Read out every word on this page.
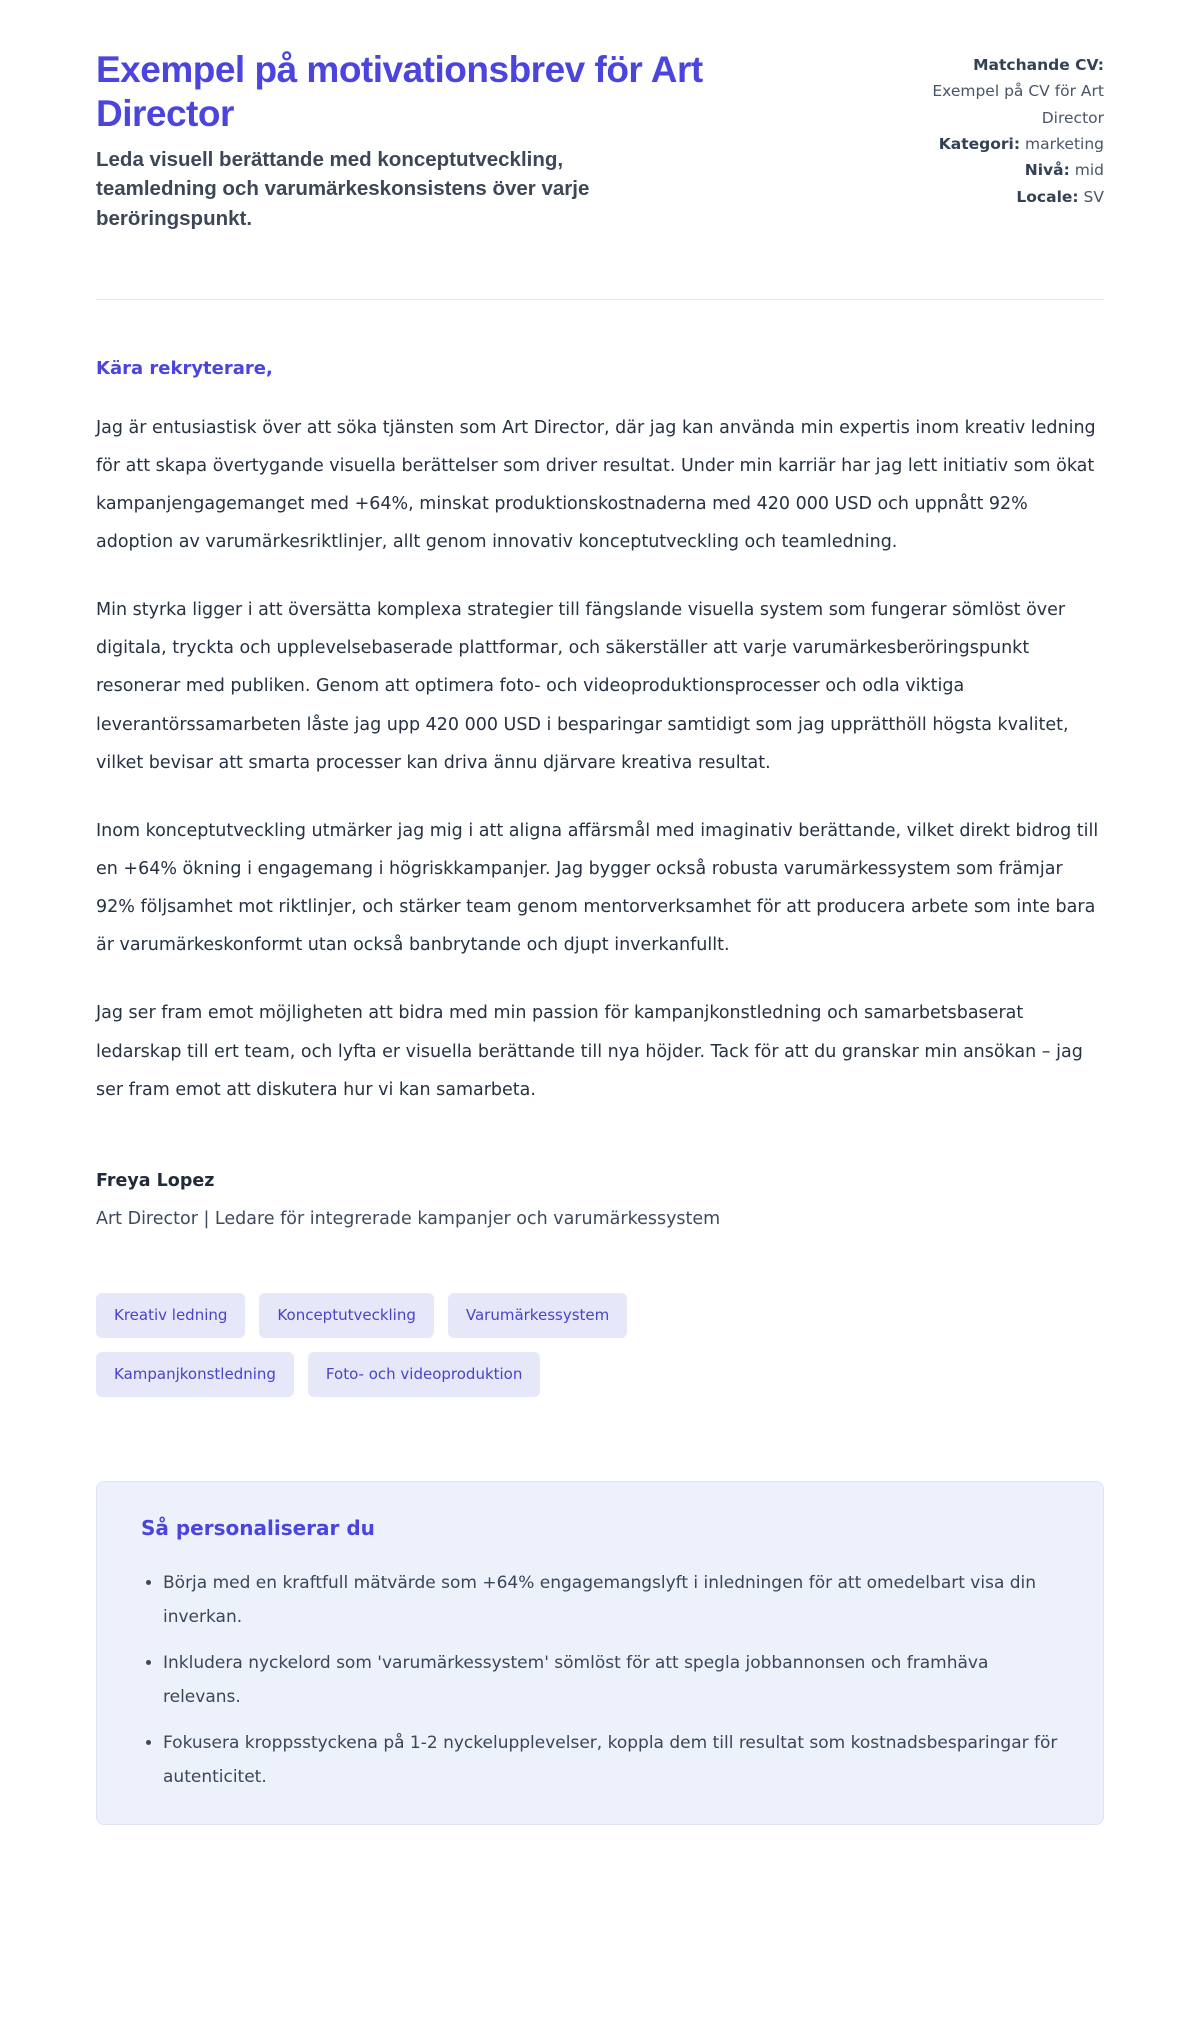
Exempel på motivationsbrev för Art Director

Leda visuell berättande med konceptutveckling, teamledning och varumärkeskonsistens över varje beröringspunkt.

Matchande CV:
Exempel på CV för Art Director
Kategori: marketing
Nivå: mid
Locale: SV

Kära rekryterare,

Jag är entusiastisk över att söka tjänsten som Art Director, där jag kan använda min expertis inom kreativ ledning för att skapa övertygande visuella berättelser som driver resultat. Under min karriär har jag lett initiativ som ökat kampanjengagemanget med +64%, minskat produktionskostnaderna med 420 000 USD och uppnått 92% adoption av varumärkesriktlinjer, allt genom innovativ konceptutveckling och teamledning.

Min styrka ligger i att översätta komplexa strategier till fängslande visuella system som fungerar sömlöst över digitala, tryckta och upplevelsebaserade plattformar, och säkerställer att varje varumärkesberöringspunkt resonerar med publiken. Genom att optimera foto- och videoproduktionsprocesser och odla viktiga leverantörssamarbeten låste jag upp 420 000 USD i besparingar samtidigt som jag upprätthöll högsta kvalitet, vilket bevisar att smarta processer kan driva ännu djärvare kreativa resultat.

Inom konceptutveckling utmärker jag mig i att aligna affärsmål med imaginativ berättande, vilket direkt bidrog till en +64% ökning i engagemang i högriskkampanjer. Jag bygger också robusta varumärkessystem som främjar 92% följsamhet mot riktlinjer, och stärker team genom mentorverksamhet för att producera arbete som inte bara är varumärkeskonformt utan också banbrytande och djupt inverkanfullt.

Jag ser fram emot möjligheten att bidra med min passion för kampanjkonstledning och samarbetsbaserat ledarskap till ert team, och lyfta er visuella berättande till nya höjder. Tack för att du granskar min ansökan – jag ser fram emot att diskutera hur vi kan samarbeta.

Freya Lopez

Art Director | Ledare för integrerade kampanjer och varumärkessystem

Kreativ ledning	Konceptutveckling	Varumärkessystem
Kampanjkonstledning	Foto- och videoproduktion
Så personaliserar du
• Börja med en kraftfull mätvärde som +64% engagemangslyft i inledningen för att omedelbart visa din inverkan.
• Inkludera nyckelord som 'varumärkessystem' sömlöst för att spegla jobbannonsen och framhäva relevans.
• Fokusera kroppsstyckena på 1-2 nyckelupplevelser, koppla dem till resultat som kostnadsbesparingar för autenticitet.
